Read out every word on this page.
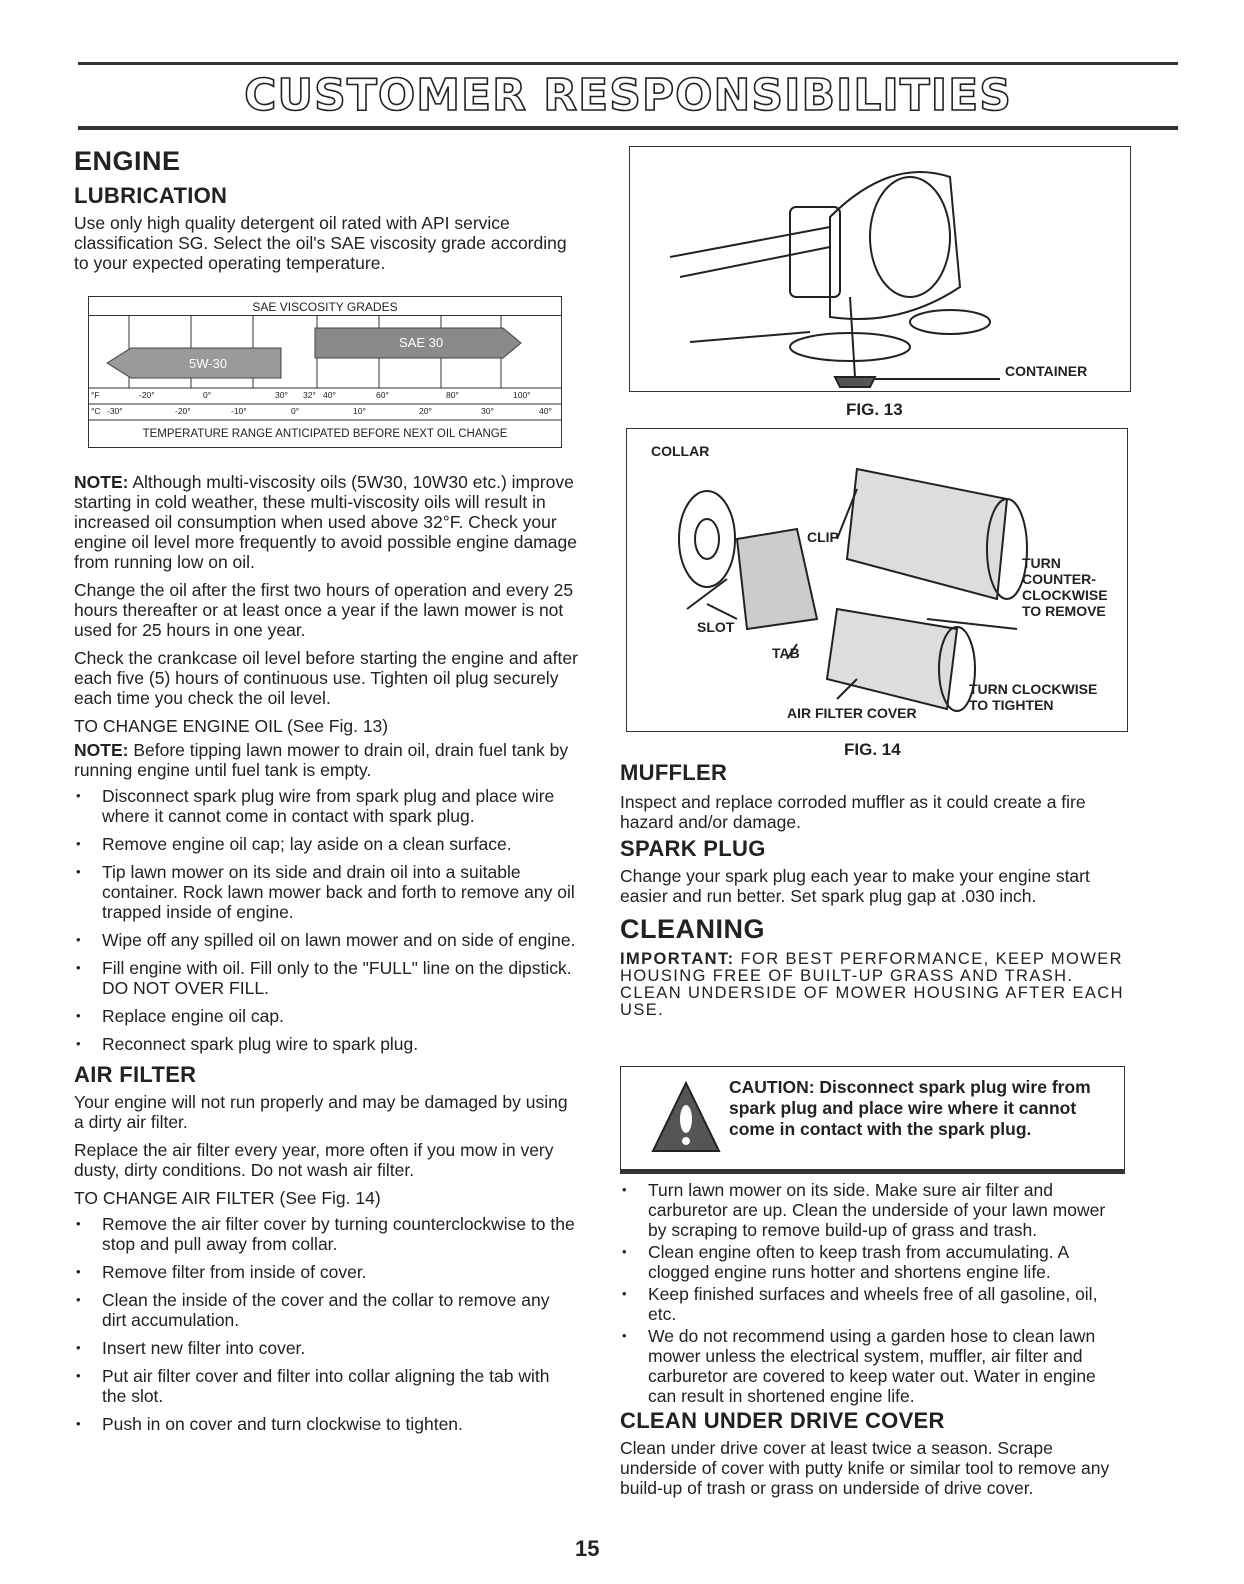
CUSTOMER RESPONSIBILITIES
ENGINE
LUBRICATION

Use only high quality detergent oil rated with API service classification SG. Select the oil's SAE viscosity grade according to your expected operating temperature.

SAE VISCOSITY GRADES
5W-30
SAE 30
°F	-20°	0°	30° 32° 40°	60°	80°	100°
°C -30°	-20°	-10°	0°	10°	20°	30°	40°
TEMPERATURE RANGE ANTICIPATED BEFORE NEXT OIL CHANGE

NOTE: Although multi-viscosity oils (5W30, 10W30 etc.) improve starting in cold weather, these multi-viscosity oils will result in increased oil consumption when used above 32°F. Check your engine oil level more frequently to avoid possible engine damage from running low on oil.

Change the oil after the first two hours of operation and every 25 hours thereafter or at least once a year if the lawn mower is not used for 25 hours in one year.

Check the crankcase oil level before starting the engine and after each five (5) hours of continuous use. Tighten oil plug securely each time you check the oil level.

TO CHANGE ENGINE OIL (See Fig. 13)

NOTE: Before tipping lawn mower to drain oil, drain fuel tank by running engine until fuel tank is empty.

• Disconnect spark plug wire from spark plug and place wire where it cannot come in contact with spark plug.
• Remove engine oil cap; lay aside on a clean surface.
• Tip lawn mower on its side and drain oil into a suitable container. Rock lawn mower back and forth to remove any oil trapped inside of engine.
• Wipe off any spilled oil on lawn mower and on side of engine.
• Fill engine with oil. Fill only to the "FULL" line on the dipstick. DO NOT OVER FILL.
• Replace engine oil cap.
• Reconnect spark plug wire to spark plug.
AIR FILTER

Your engine will not run properly and may be damaged by using a dirty air filter.

Replace the air filter every year, more often if you mow in very dusty, dirty conditions. Do not wash air filter.

TO CHANGE AIR FILTER (See Fig. 14)

• Remove the air filter cover by turning counterclockwise to the stop and pull away from collar.
• Remove filter from inside of cover.
• Clean the inside of the cover and the collar to remove any dirt accumulation.
• Insert new filter into cover.
• Put air filter cover and filter into collar aligning the tab with the slot.
• Push in on cover and turn clockwise to tighten.
CONTAINER
FIG. 13
COLLAR
CLIP
SLOT
TAB
TURN COUNTER- CLOCKWISE TO REMOVE
TURN CLOCKWISE TO TIGHTEN
AIR FILTER COVER
FIG. 14
MUFFLER

Inspect and replace corroded muffler as it could create a fire hazard and/or damage.

SPARK PLUG

Change your spark plug each year to make your engine start easier and run better. Set spark plug gap at .030 inch.

CLEANING

IMPORTANT: FOR BEST PERFORMANCE, KEEP MOWER HOUSING FREE OF BUILT-UP GRASS AND TRASH. CLEAN UNDERSIDE OF MOWER HOUSING AFTER EACH USE.

CAUTION: Disconnect spark plug wire from spark plug and place wire where it cannot come in contact with the spark plug.
• Turn lawn mower on its side. Make sure air filter and carburetor are up. Clean the underside of your lawn mower by scraping to remove build-up of grass and trash.
• Clean engine often to keep trash from accumulating. A clogged engine runs hotter and shortens engine life.
• Keep finished surfaces and wheels free of all gasoline, oil, etc.
• We do not recommend using a garden hose to clean lawn mower unless the electrical system, muffler, air filter and carburetor are covered to keep water out. Water in engine can result in shortened engine life.
CLEAN UNDER DRIVE COVER

Clean under drive cover at least twice a season. Scrape underside of cover with putty knife or similar tool to remove any build-up of trash or grass on underside of drive cover.

15
